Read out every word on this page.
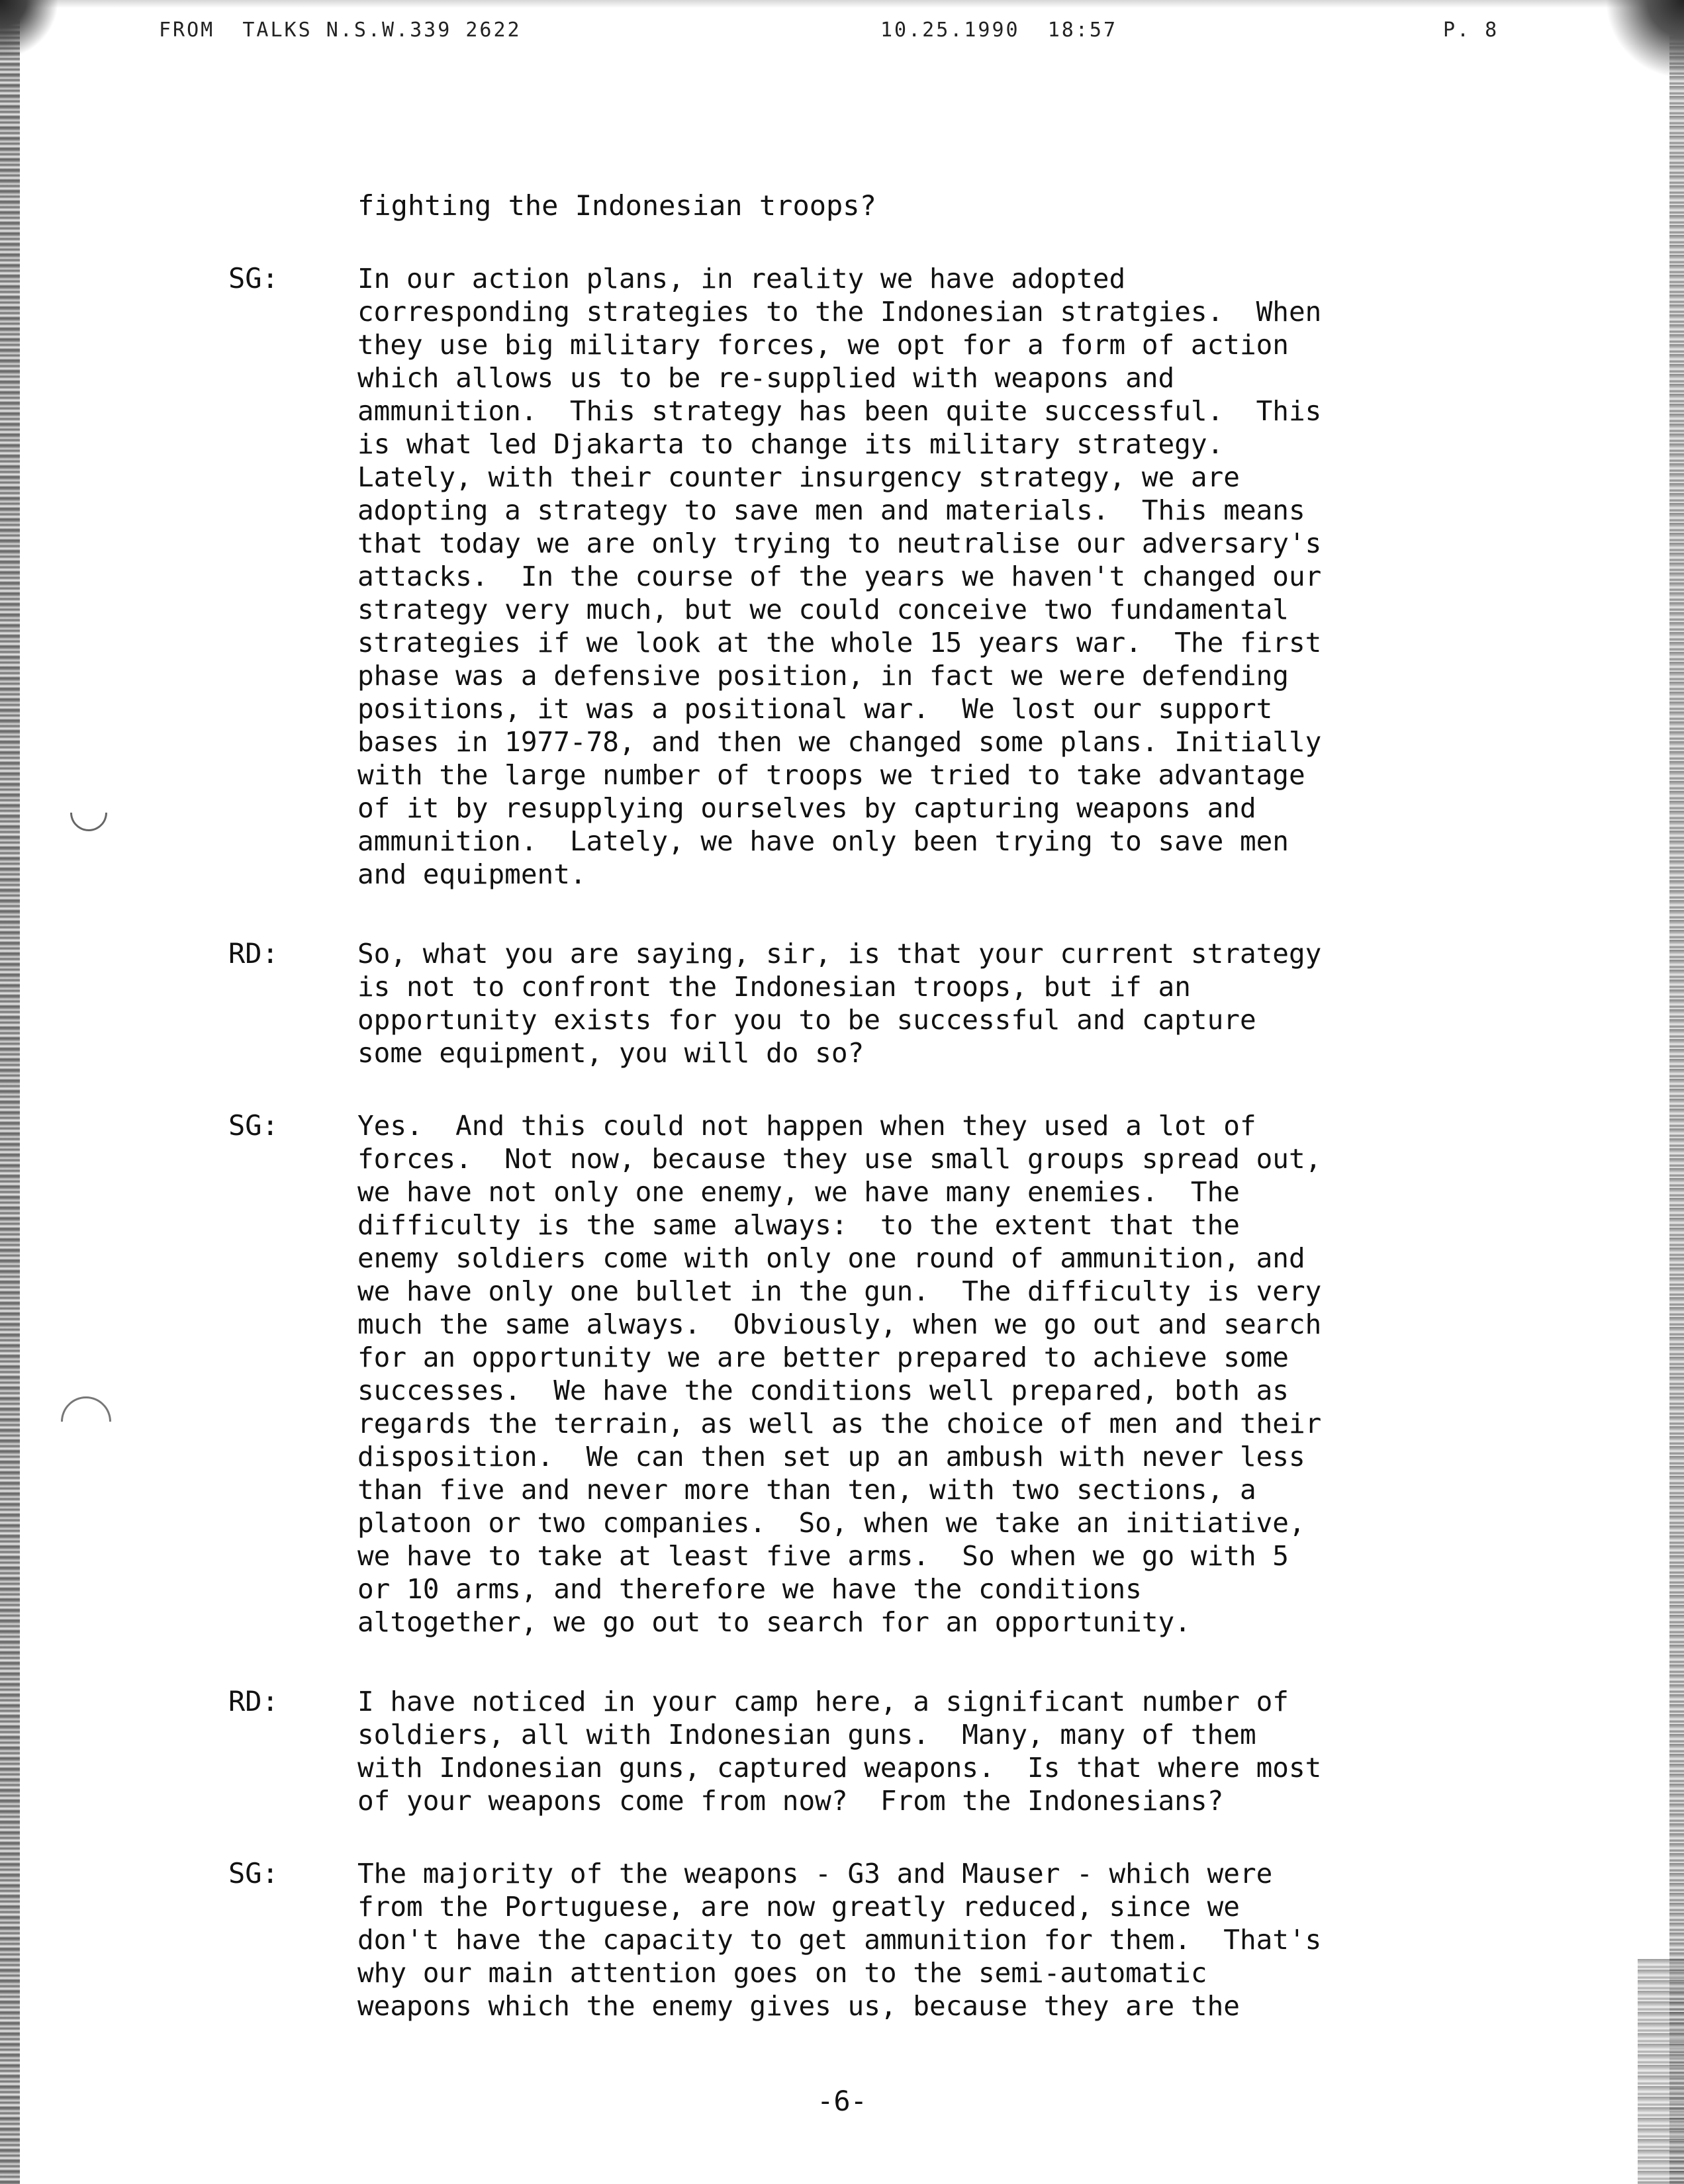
FROM  TALKS N.S.W.339 2622	10.25.1990  18:57	P. 8
fighting the Indonesian troops?
SG:	In our action plans, in reality we have adopted
corresponding strategies to the Indonesian stratgies.  When
they use big military forces, we opt for a form of action
which allows us to be re-supplied with weapons and
ammunition.  This strategy has been quite successful.  This
is what led Djakarta to change its military strategy.
Lately, with their counter insurgency strategy, we are
adopting a strategy to save men and materials.  This means
that today we are only trying to neutralise our adversary's
attacks.  In the course of the years we haven't changed our
strategy very much, but we could conceive two fundamental
strategies if we look at the whole 15 years war.  The first
phase was a defensive position, in fact we were defending
positions, it was a positional war.  We lost our support
bases in 1977-78, and then we changed some plans. Initially
with the large number of troops we tried to take advantage
of it by resupplying ourselves by capturing weapons and
ammunition.  Lately, we have only been trying to save men
and equipment.
RD:	So, what you are saying, sir, is that your current strategy
is not to confront the Indonesian troops, but if an
opportunity exists for you to be successful and capture
some equipment, you will do so?
SG:	Yes.  And this could not happen when they used a lot of
forces.  Not now, because they use small groups spread out,
we have not only one enemy, we have many enemies.  The
difficulty is the same always:  to the extent that the
enemy soldiers come with only one round of ammunition, and
we have only one bullet in the gun.  The difficulty is very
much the same always.  Obviously, when we go out and search
for an opportunity we are better prepared to achieve some
successes.  We have the conditions well prepared, both as
regards the terrain, as well as the choice of men and their
disposition.  We can then set up an ambush with never less
than five and never more than ten, with two sections, a
platoon or two companies.  So, when we take an initiative,
we have to take at least five arms.  So when we go with 5
or 10 arms, and therefore we have the conditions
altogether, we go out to search for an opportunity.
RD:	I have noticed in your camp here, a significant number of
soldiers, all with Indonesian guns.  Many, many of them
with Indonesian guns, captured weapons.  Is that where most
of your weapons come from now?  From the Indonesians?
SG:	The majority of the weapons - G3 and Mauser - which were
from the Portuguese, are now greatly reduced, since we
don't have the capacity to get ammunition for them.  That's
why our main attention goes on to the semi-automatic
weapons which the enemy gives us, because they are the
-6-
